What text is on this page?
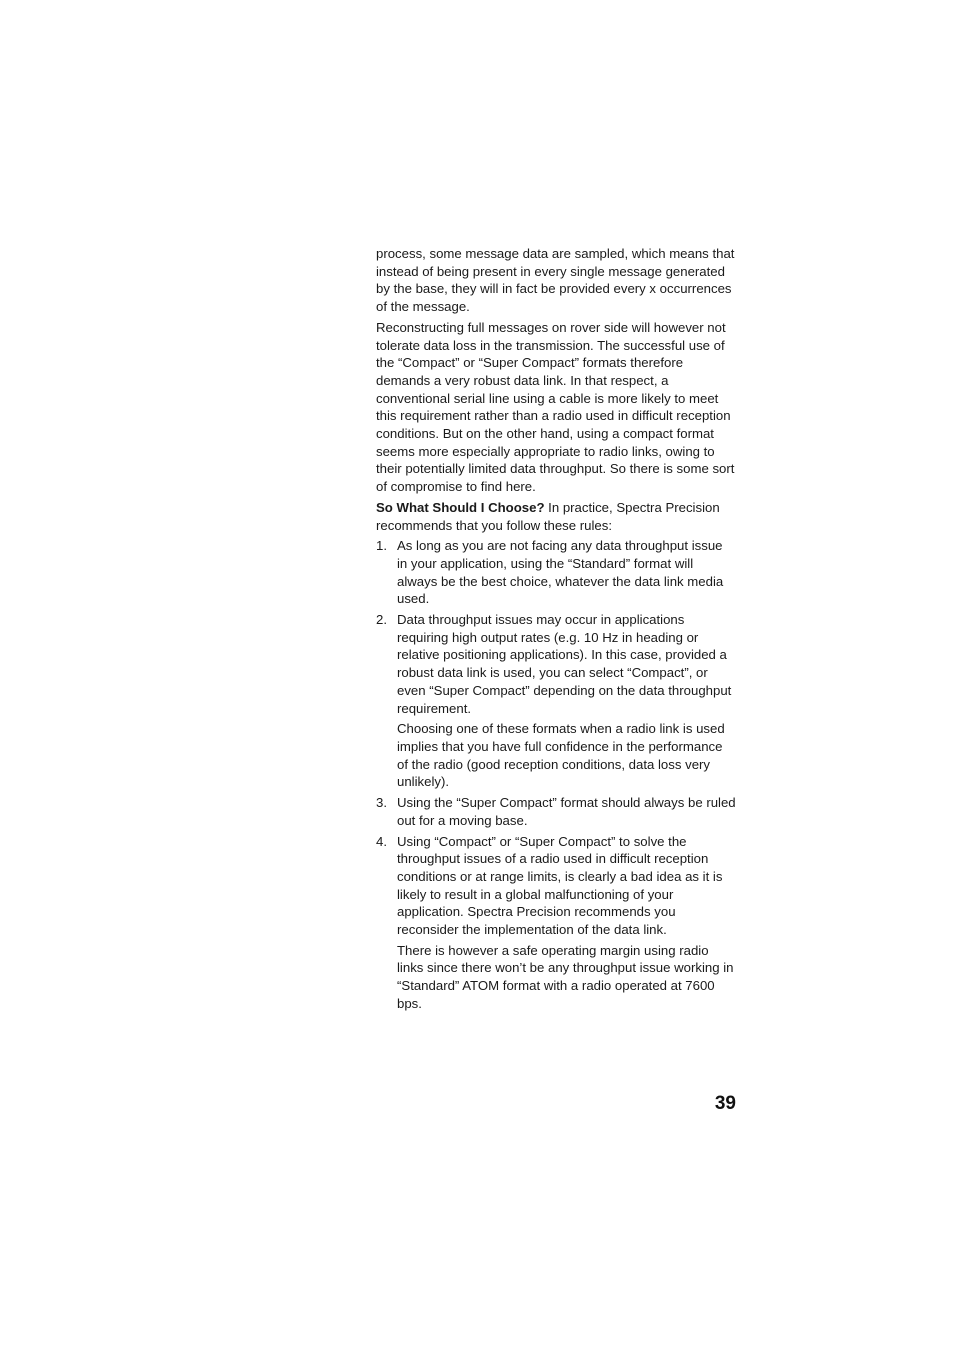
process, some message data are sampled, which means that instead of being present in every single message generated by the base, they will in fact be provided every x occurrences of the message.

Reconstructing full messages on rover side will however not tolerate data loss in the transmission. The successful use of the “Compact” or “Super Compact” formats therefore demands a very robust data link. In that respect, a conventional serial line using a cable is more likely to meet this requirement rather than a radio used in difficult reception conditions. But on the other hand, using a compact format seems more especially appropriate to radio links, owing to their potentially limited data throughput. So there is some sort of compromise to find here.

So What Should I Choose? In practice, Spectra Precision recommends that you follow these rules:

1. As long as you are not facing any data throughput issue in your application, using the “Standard” format will always be the best choice, whatever the data link media used.

2. Data throughput issues may occur in applications requiring high output rates (e.g. 10 Hz in heading or relative positioning applications). In this case, provided a robust data link is used, you can select “Compact”, or even “Super Compact” depending on the data throughput requirement.

Choosing one of these formats when a radio link is used implies that you have full confidence in the performance of the radio (good reception conditions, data loss very unlikely).

3. Using the “Super Compact” format should always be ruled out for a moving base.

4. Using “Compact” or “Super Compact” to solve the throughput issues of a radio used in difficult reception conditions or at range limits, is clearly a bad idea as it is likely to result in a global malfunctioning of your application. Spectra Precision recommends you reconsider the implementation of the data link.

There is however a safe operating margin using radio links since there won’t be any throughput issue working in “Standard” ATOM format with a radio operated at 7600 bps.

39
